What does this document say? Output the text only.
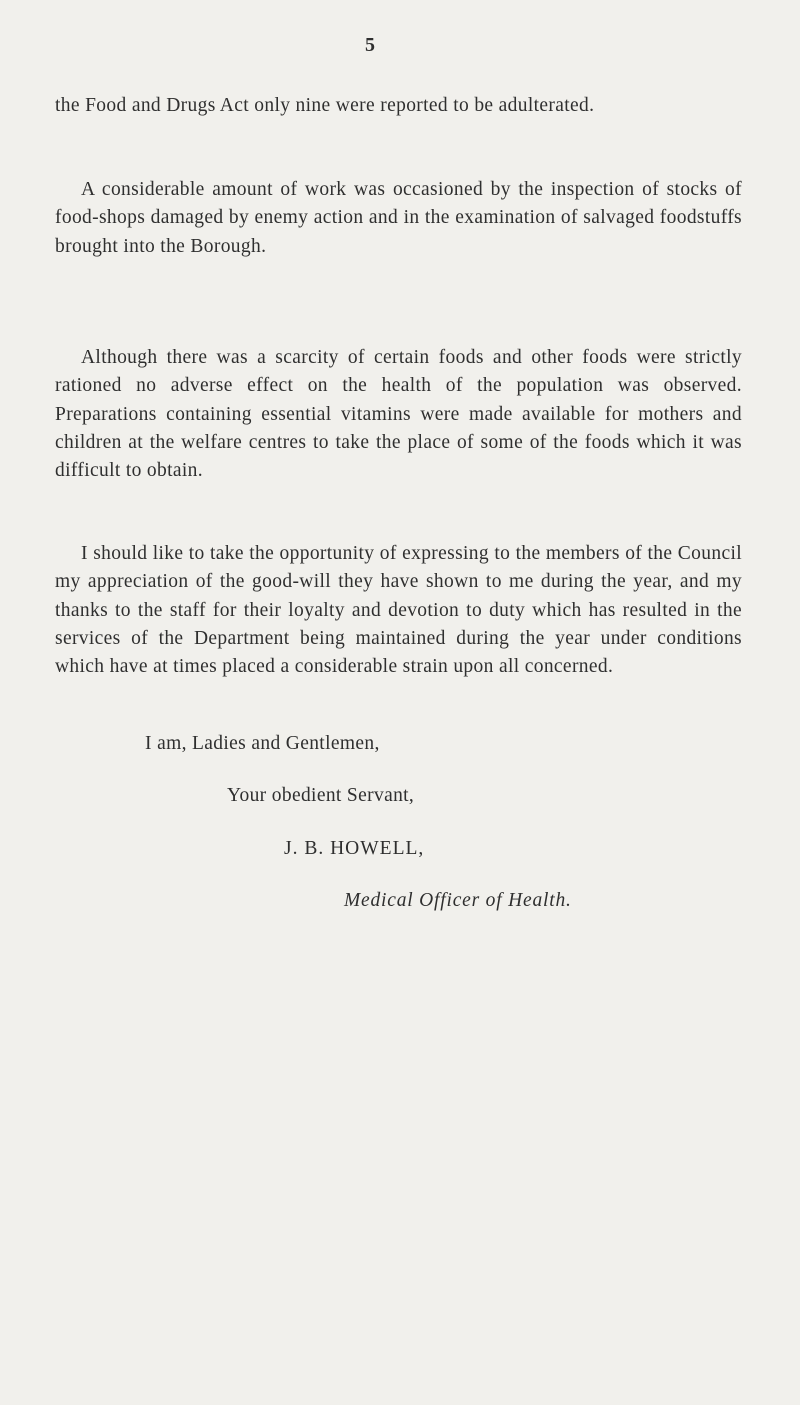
5

the Food and Drugs Act only nine were reported to be adulterated.

A considerable amount of work was occasioned by the inspection of stocks of food-shops damaged by enemy action and in the examination of salvaged foodstuffs brought into the Borough.

Although there was a scarcity of certain foods and other foods were strictly rationed no adverse effect on the health of the population was observed. Preparations containing essential vitamins were made available for mothers and children at the welfare centres to take the place of some of the foods which it was difficult to obtain.

I should like to take the opportunity of expressing to the members of the Council my appreciation of the good-will they have shown to me during the year, and my thanks to the staff for their loyalty and devotion to duty which has resulted in the services of the Department being maintained during the year under conditions which have at times placed a considerable strain upon all concerned.

I am, Ladies and Gentlemen,
Your obedient Servant,
J. B. HOWELL,
Medical Officer of Health.
